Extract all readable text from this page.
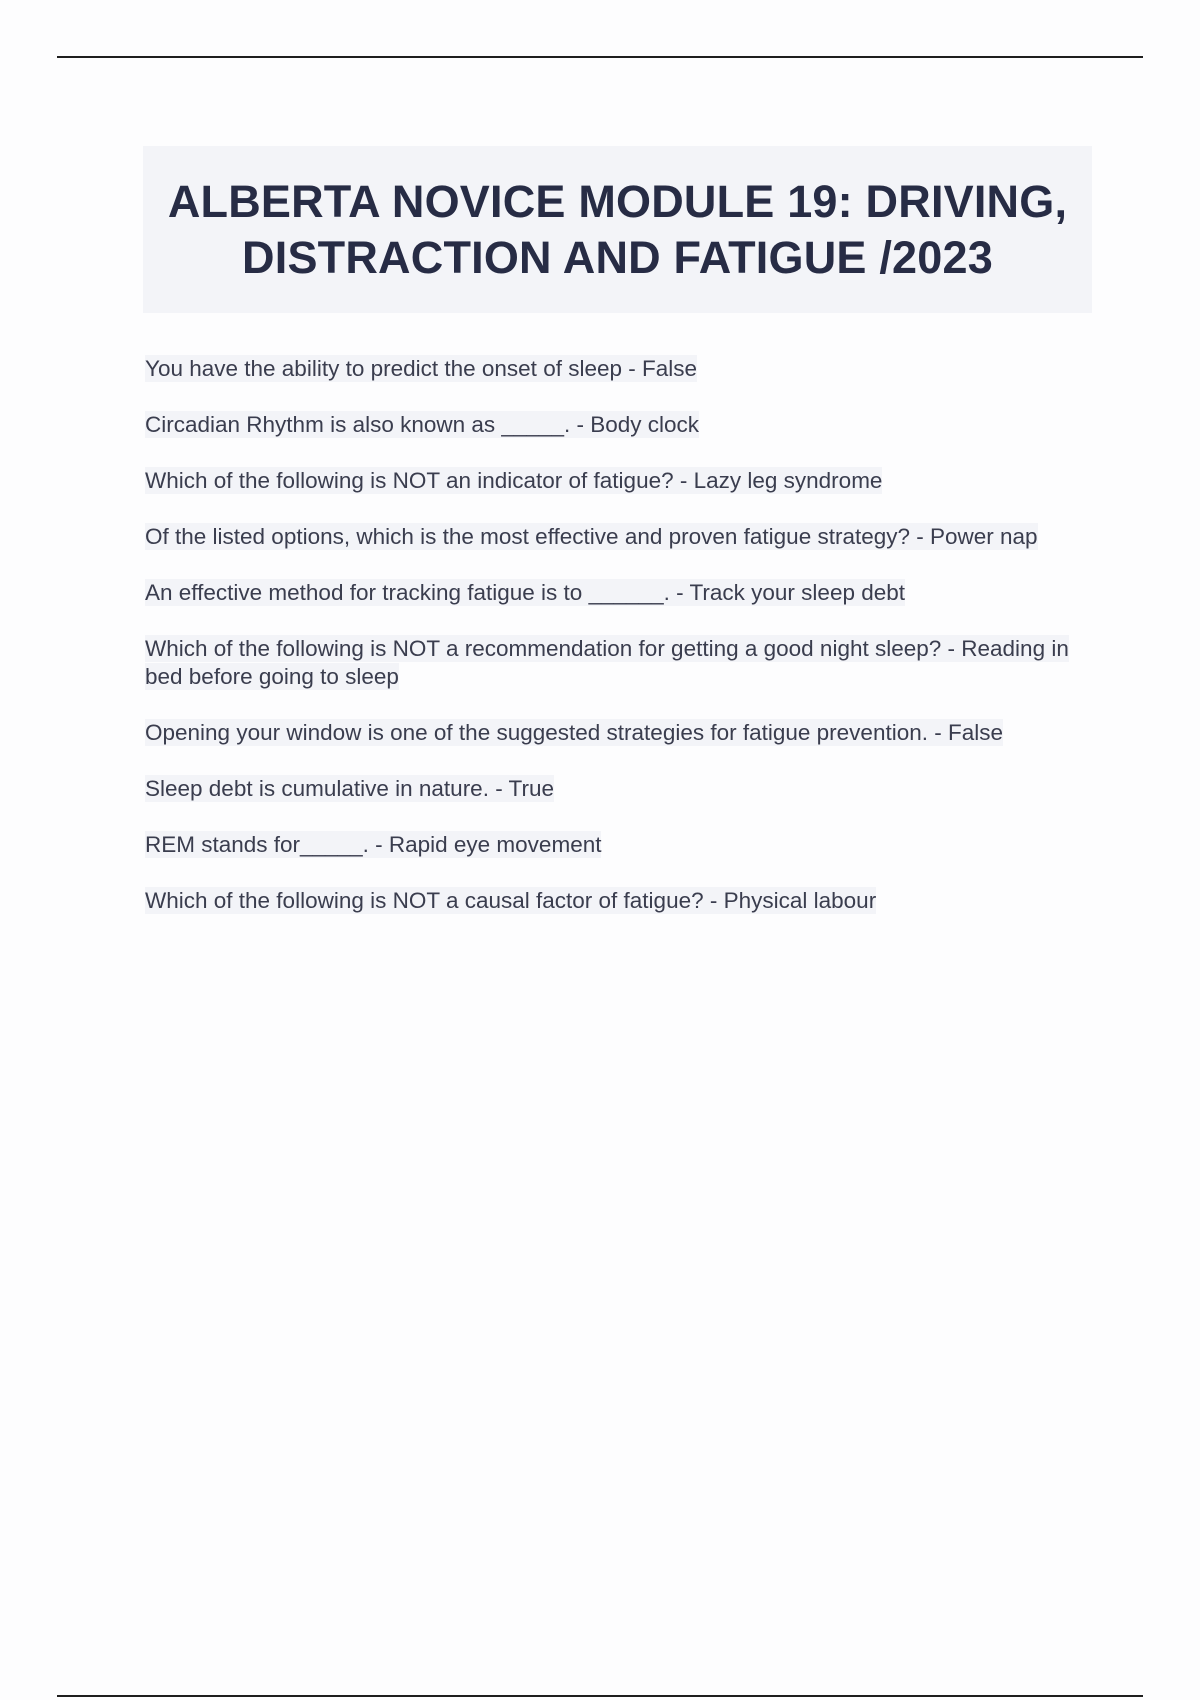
ALBERTA NOVICE MODULE 19: DRIVING, DISTRACTION AND FATIGUE /2023
You have the ability to predict the onset of sleep - False
Circadian Rhythm is also known as _____. - Body clock
Which of the following is NOT an indicator of fatigue? - Lazy leg syndrome
Of the listed options, which is the most effective and proven fatigue strategy? - Power nap
An effective method for tracking fatigue is to ______. - Track your sleep debt
Which of the following is NOT a recommendation for getting a good night sleep? - Reading in bed before going to sleep
Opening your window is one of the suggested strategies for fatigue prevention. - False
Sleep debt is cumulative in nature. - True
REM stands for_____. - Rapid eye movement
Which of the following is NOT a causal factor of fatigue? - Physical labour
